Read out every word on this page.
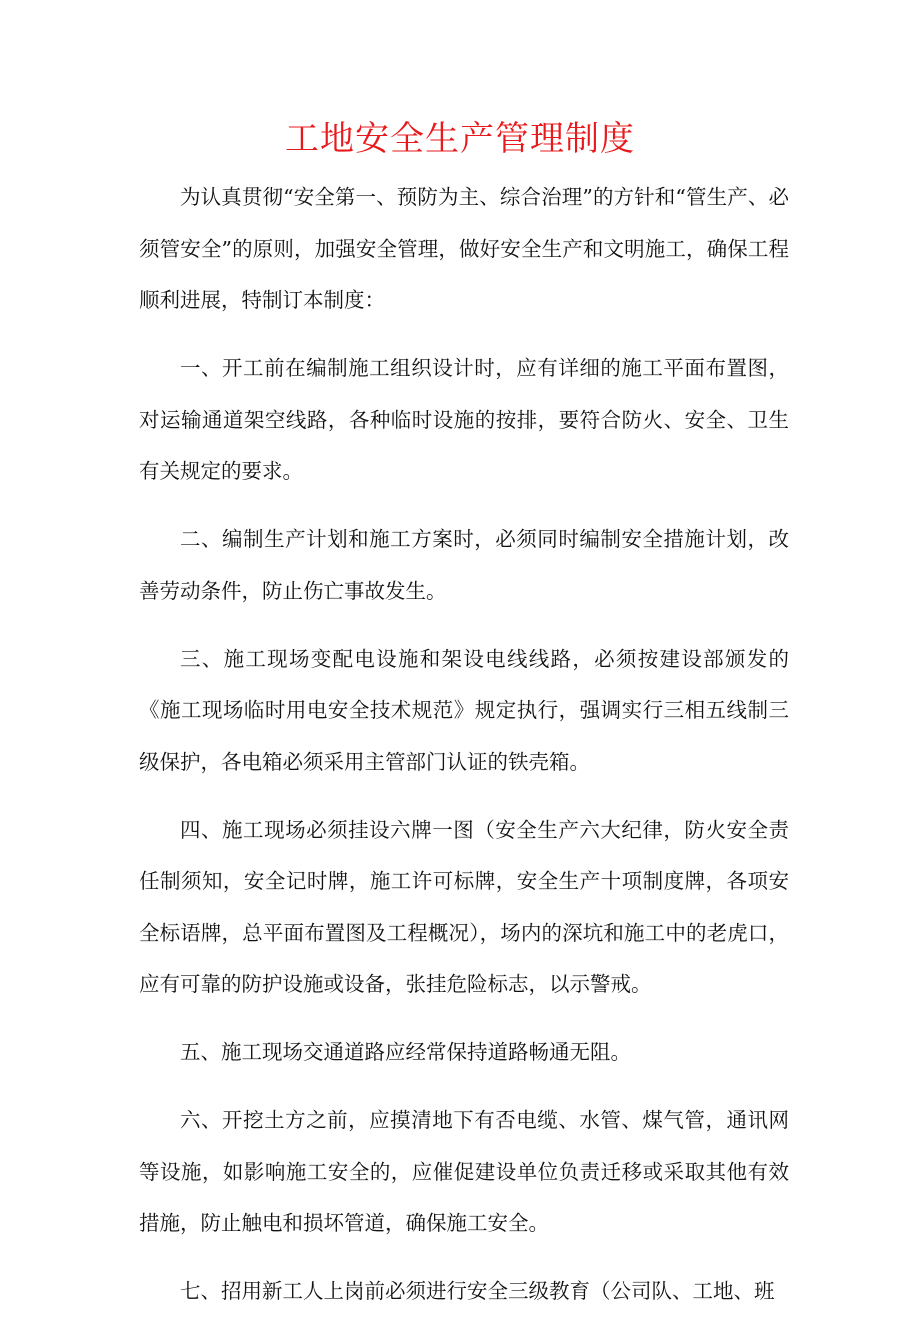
工地安全生产管理制度

为认真贯彻“安全第一、预防为主、综合治理”的方针和“管生产、必须管安全”的原则，加强安全管理，做好安全生产和文明施工，确保工程顺利进展，特制订本制度：

一、开工前在编制施工组织设计时，应有详细的施工平面布置图，对运输通道架空线路，各种临时设施的按排，要符合防火、安全、卫生有关规定的要求。

二、编制生产计划和施工方案时，必须同时编制安全措施计划，改善劳动条件，防止伤亡事故发生。

三、施工现场变配电设施和架设电线线路，必须按建设部颁发的《施工现场临时用电安全技术规范》规定执行，强调实行三相五线制三级保护，各电箱必须采用主管部门认证的铁壳箱。

四、施工现场必须挂设六牌一图（安全生产六大纪律，防火安全责任制须知，安全记时牌，施工许可标牌，安全生产十项制度牌，各项安全标语牌，总平面布置图及工程概况），场内的深坑和施工中的老虎口，应有可靠的防护设施或设备，张挂危险标志，以示警戒。

五、施工现场交通道路应经常保持道路畅通无阻。

六、开挖土方之前，应摸清地下有否电缆、水管、煤气管，通讯网等设施，如影响施工安全的，应催促建设单位负责迁移或采取其他有效措施，防止触电和损坏管道，确保施工安全。

七、招用新工人上岗前必须进行安全三级教育（公司队、工地、班
